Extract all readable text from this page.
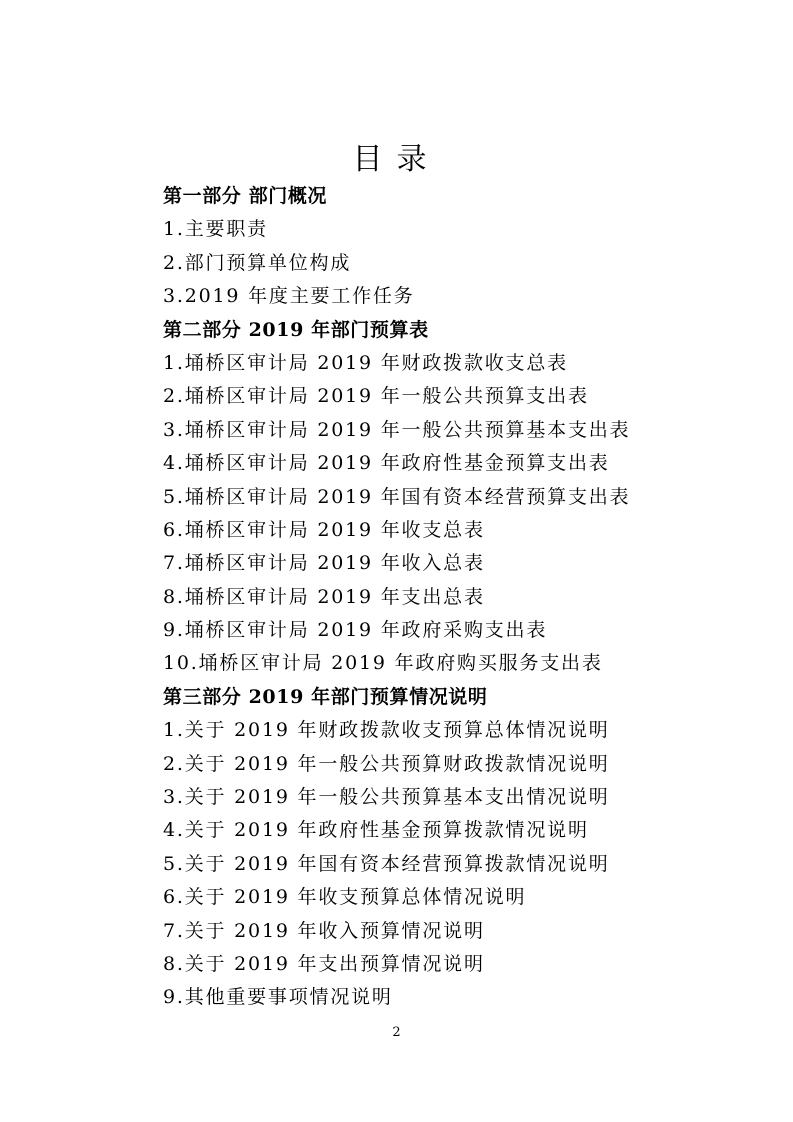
目录
第一部分 部门概况
1.主要职责
2.部门预算单位构成
3.2019 年度主要工作任务
第二部分 2019 年部门预算表
1.埇桥区审计局 2019 年财政拨款收支总表
2.埇桥区审计局 2019 年一般公共预算支出表
3.埇桥区审计局 2019 年一般公共预算基本支出表
4.埇桥区审计局 2019 年政府性基金预算支出表
5.埇桥区审计局 2019 年国有资本经营预算支出表
6.埇桥区审计局 2019 年收支总表
7.埇桥区审计局 2019 年收入总表
8.埇桥区审计局 2019 年支出总表
9.埇桥区审计局 2019 年政府采购支出表
10.埇桥区审计局 2019 年政府购买服务支出表
第三部分 2019 年部门预算情况说明
1.关于 2019 年财政拨款收支预算总体情况说明
2.关于 2019 年一般公共预算财政拨款情况说明
3.关于 2019 年一般公共预算基本支出情况说明
4.关于 2019 年政府性基金预算拨款情况说明
5.关于 2019 年国有资本经营预算拨款情况说明
6.关于 2019 年收支预算总体情况说明
7.关于 2019 年收入预算情况说明
8.关于 2019 年支出预算情况说明
9.其他重要事项情况说明
2
